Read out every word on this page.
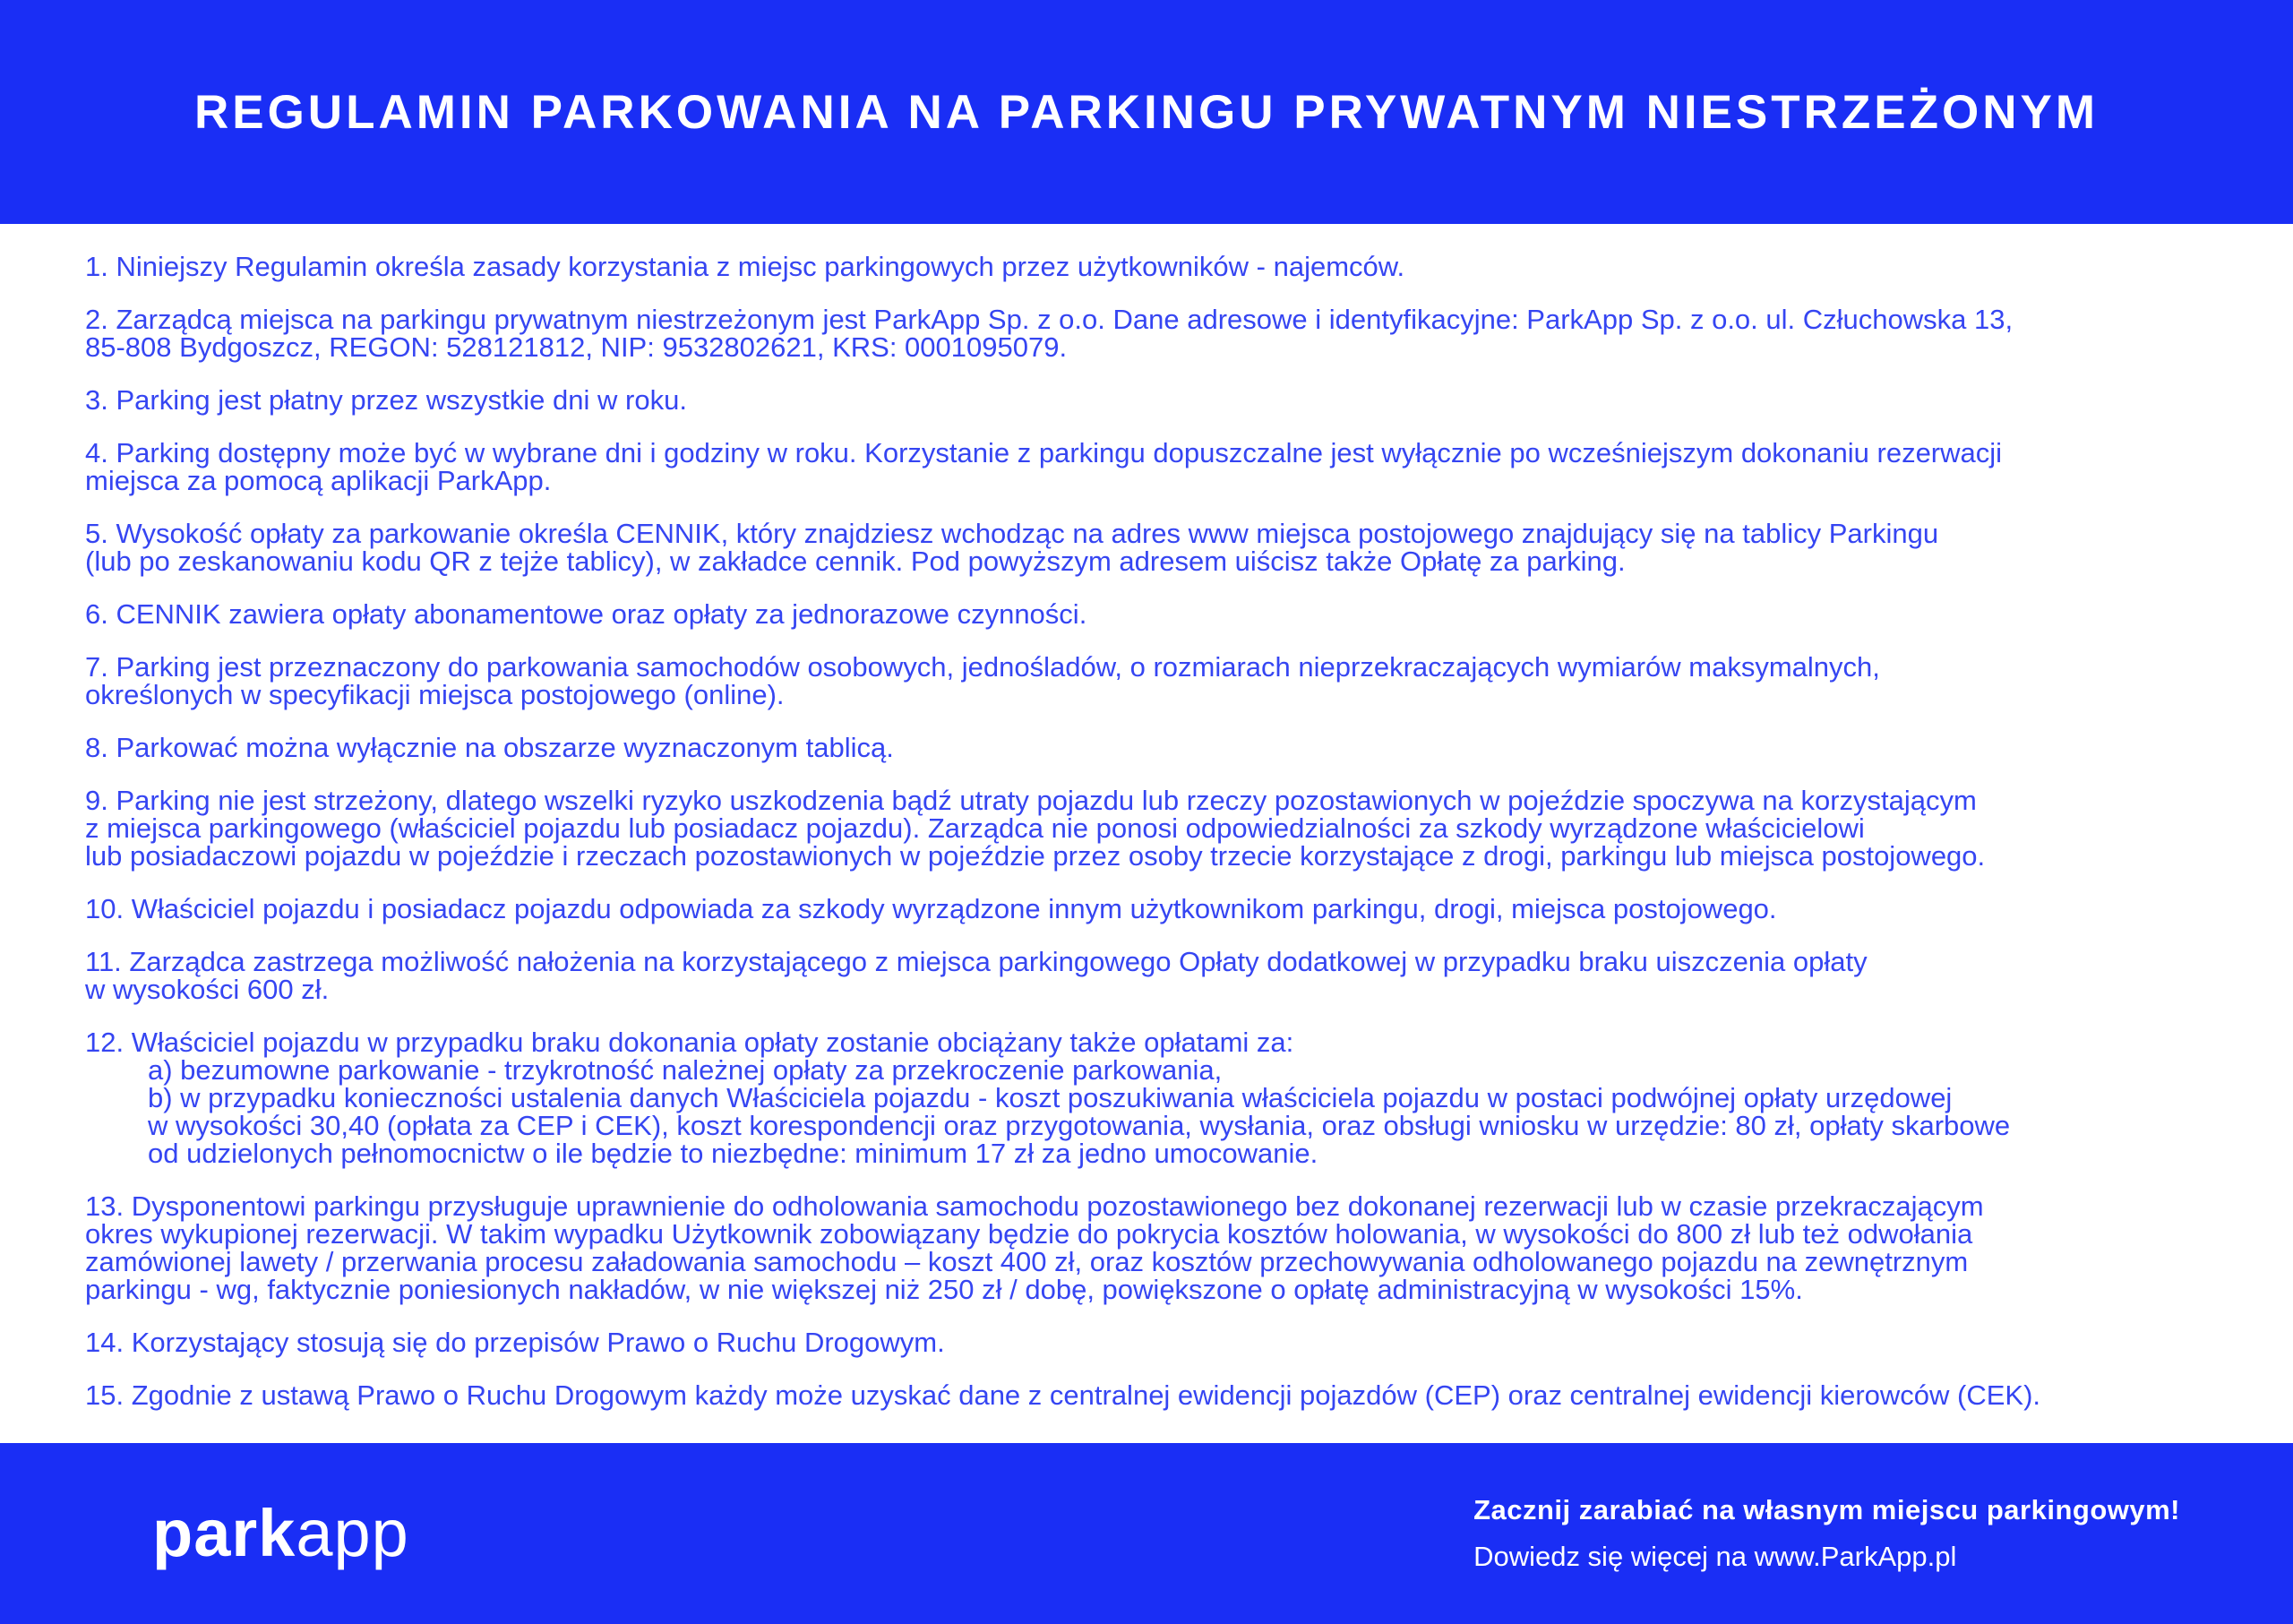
REGULAMIN PARKOWANIA NA PARKINGU PRYWATNYM NIESTRZEŻONYM

1. Niniejszy Regulamin określa zasady korzystania z miejsc parkingowych przez użytkowników - najemców.

2. Zarządcą miejsca na parkingu prywatnym niestrzeżonym jest ParkApp Sp. z o.o. Dane adresowe i identyfikacyjne: ParkApp Sp. z o.o. ul. Człuchowska 13,
85-808 Bydgoszcz, REGON: 528121812, NIP: 9532802621, KRS: 0001095079.

3. Parking jest płatny przez wszystkie dni w roku.

4. Parking dostępny może być w wybrane dni i godziny w roku. Korzystanie z parkingu dopuszczalne jest wyłącznie po wcześniejszym dokonaniu rezerwacji
miejsca za pomocą aplikacji ParkApp.

5. Wysokość opłaty za parkowanie określa CENNIK, który znajdziesz wchodząc na adres www miejsca postojowego znajdujący się na tablicy Parkingu
(lub po zeskanowaniu kodu QR z tejże tablicy), w zakładce cennik. Pod powyższym adresem uiścisz także Opłatę za parking.

6. CENNIK zawiera opłaty abonamentowe oraz opłaty za jednorazowe czynności.

7. Parking jest przeznaczony do parkowania samochodów osobowych, jednośladów, o rozmiarach nieprzekraczających wymiarów maksymalnych,
określonych w specyfikacji miejsca postojowego (online).

8. Parkować można wyłącznie na obszarze wyznaczonym tablicą.

9. Parking nie jest strzeżony, dlatego wszelki ryzyko uszkodzenia bądź utraty pojazdu lub rzeczy pozostawionych w pojeździe spoczywa na korzystającym
z miejsca parkingowego (właściciel pojazdu lub posiadacz pojazdu). Zarządca nie ponosi odpowiedzialności za szkody wyrządzone właścicielowi
lub posiadaczowi pojazdu w pojeździe i rzeczach pozostawionych w pojeździe przez osoby trzecie korzystające z drogi, parkingu lub miejsca postojowego.

10. Właściciel pojazdu i posiadacz pojazdu odpowiada za szkody wyrządzone innym użytkownikom parkingu, drogi, miejsca postojowego.

11. Zarządca zastrzega możliwość nałożenia na korzystającego z miejsca parkingowego Opłaty dodatkowej w przypadku braku uiszczenia opłaty
w wysokości 600 zł.

12. Właściciel pojazdu w przypadku braku dokonania opłaty zostanie obciążany także opłatami za:
a) bezumowne parkowanie - trzykrotność należnej opłaty za przekroczenie parkowania,
b) w przypadku konieczności ustalenia danych Właściciela pojazdu - koszt poszukiwania właściciela pojazdu w postaci podwójnej opłaty urzędowej
w wysokości 30,40 (opłata za CEP i CEK), koszt korespondencji oraz przygotowania, wysłania, oraz obsługi wniosku w urzędzie: 80 zł, opłaty skarbowe
od udzielonych pełnomocnictw o ile będzie to niezbędne: minimum 17 zł za jedno umocowanie.

13. Dysponentowi parkingu przysługuje uprawnienie do odholowania samochodu pozostawionego bez dokonanej rezerwacji lub w czasie przekraczającym
okres wykupionej rezerwacji. W takim wypadku Użytkownik zobowiązany będzie do pokrycia kosztów holowania, w wysokości do 800 zł lub też odwołania
zamówionej lawety / przerwania procesu załadowania samochodu – koszt 400 zł, oraz kosztów przechowywania odholowanego pojazdu na zewnętrznym
parkingu - wg, faktycznie poniesionych nakładów, w nie większej niż 250 zł / dobę, powiększone o opłatę administracyjną w wysokości 15%.

14. Korzystający stosują się do przepisów Prawo o Ruchu Drogowym.

15. Zgodnie z ustawą Prawo o Ruchu Drogowym każdy może uzyskać dane z centralnej ewidencji pojazdów (CEP) oraz centralnej ewidencji kierowców (CEK).

parkapp	Zacznij zarabiać na własnym miejscu parkingowym!
Dowiedz się więcej na www.ParkApp.pl
